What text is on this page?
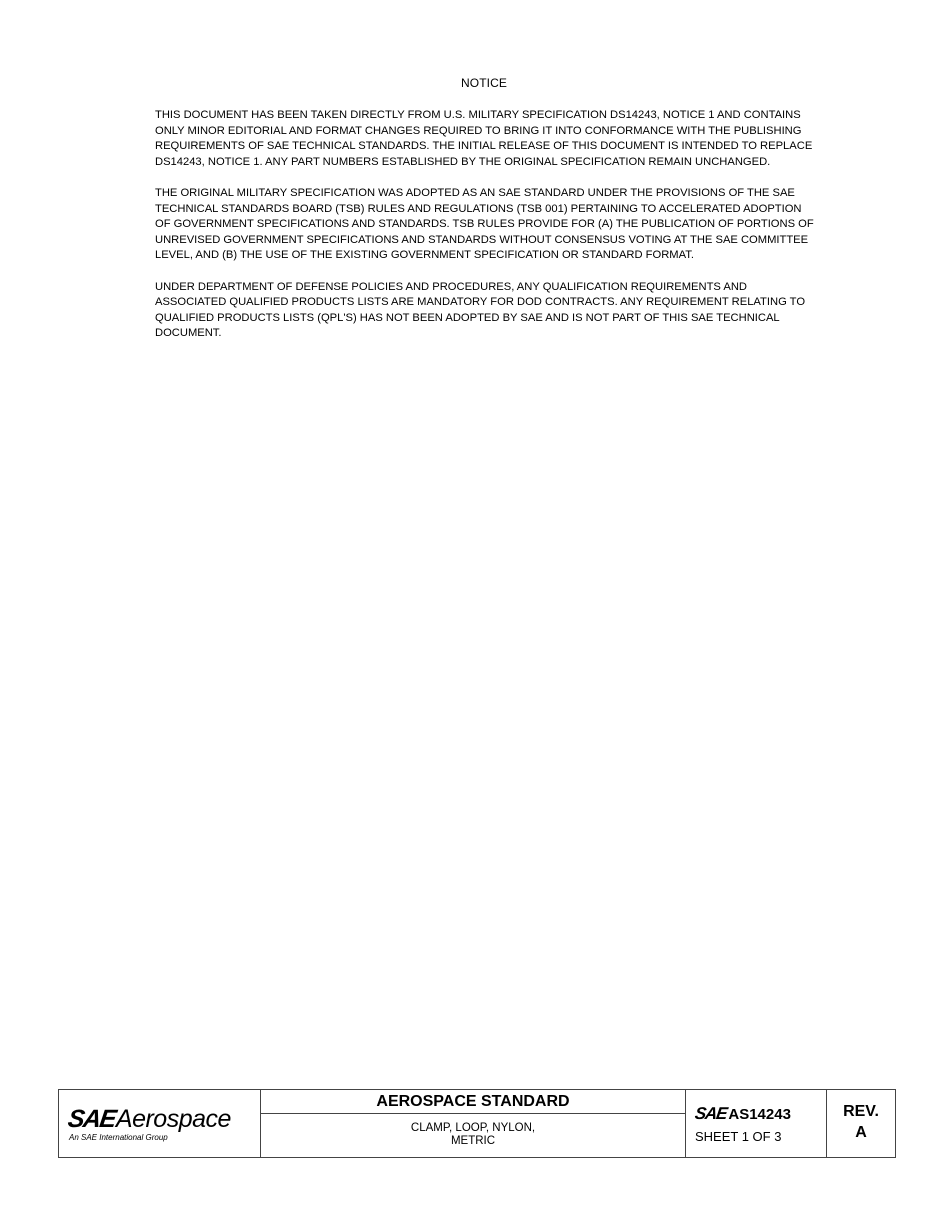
NOTICE

THIS DOCUMENT HAS BEEN TAKEN DIRECTLY FROM U.S. MILITARY SPECIFICATION DS14243, NOTICE 1 AND CONTAINS ONLY MINOR EDITORIAL AND FORMAT CHANGES REQUIRED TO BRING IT INTO CONFORMANCE WITH THE PUBLISHING REQUIREMENTS OF SAE TECHNICAL STANDARDS. THE INITIAL RELEASE OF THIS DOCUMENT IS INTENDED TO REPLACE DS14243, NOTICE 1. ANY PART NUMBERS ESTABLISHED BY THE ORIGINAL SPECIFICATION REMAIN UNCHANGED.

THE ORIGINAL MILITARY SPECIFICATION WAS ADOPTED AS AN SAE STANDARD UNDER THE PROVISIONS OF THE SAE TECHNICAL STANDARDS BOARD (TSB) RULES AND REGULATIONS (TSB 001) PERTAINING TO ACCELERATED ADOPTION OF GOVERNMENT SPECIFICATIONS AND STANDARDS. TSB RULES PROVIDE FOR (A) THE PUBLICATION OF PORTIONS OF UNREVISED GOVERNMENT SPECIFICATIONS AND STANDARDS WITHOUT CONSENSUS VOTING AT THE SAE COMMITTEE LEVEL, AND (B) THE USE OF THE EXISTING GOVERNMENT SPECIFICATION OR STANDARD FORMAT.

UNDER DEPARTMENT OF DEFENSE POLICIES AND PROCEDURES, ANY QUALIFICATION REQUIREMENTS AND ASSOCIATED QUALIFIED PRODUCTS LISTS ARE MANDATORY FOR DOD CONTRACTS. ANY REQUIREMENT RELATING TO QUALIFIED PRODUCTS LISTS (QPL'S) HAS NOT BEEN ADOPTED BY SAE AND IS NOT PART OF THIS SAE TECHNICAL DOCUMENT.

SAEAerospace
An SAE International Group
AEROSPACE STANDARD
CLAMP, LOOP, NYLON,
METRIC
SAEAS14243
SHEET 1 OF 3
REV.
A
